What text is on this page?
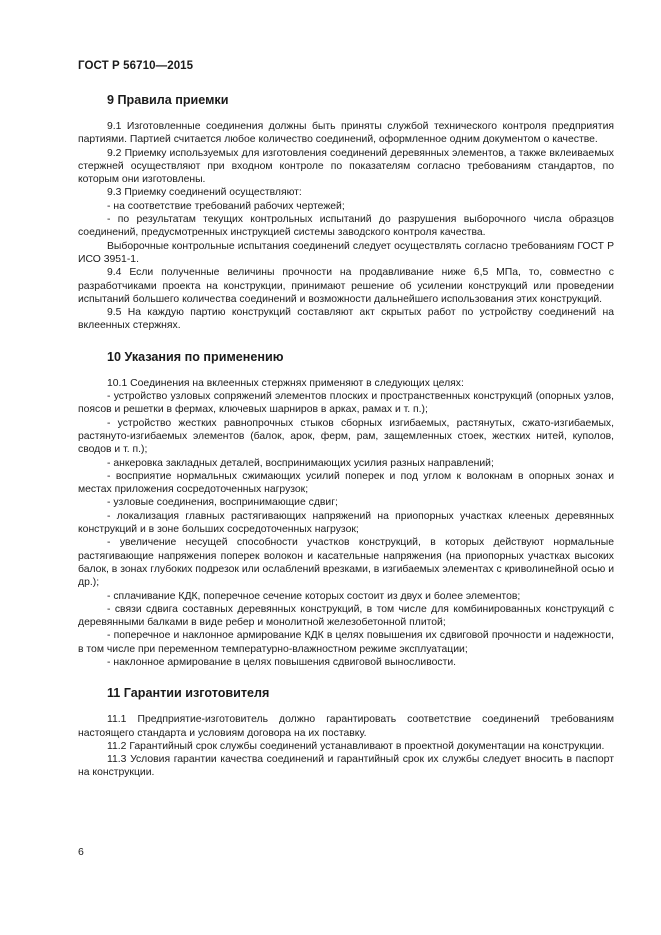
ГОСТ Р 56710—2015
9 Правила приемки

9.1 Изготовленные соединения должны быть приняты службой технического контроля предприятия партиями. Партией считается любое количество соединений, оформленное одним документом о качестве.

9.2 Приемку используемых для изготовления соединений деревянных элементов, а также вклеиваемых стержней осуществляют при входном контроле по показателям согласно требованиям стандартов, по которым они изготовлены.

9.3 Приемку соединений осуществляют:

- на соответствие требований рабочих чертежей;

- по результатам текущих контрольных испытаний до разрушения выборочного числа образцов соединений, предусмотренных инструкцией системы заводского контроля качества.

Выборочные контрольные испытания соединений следует осуществлять согласно требованиям ГОСТ Р ИСО 3951-1.

9.4 Если полученные величины прочности на продавливание ниже 6,5 МПа, то, совместно с разработчиками проекта на конструкции, принимают решение об усилении конструкций или проведении испытаний большего количества соединений и возможности дальнейшего использования этих конструкций.

9.5 На каждую партию конструкций составляют акт скрытых работ по устройству соединений на вклеенных стержнях.

10 Указания по применению

10.1 Соединения на вклеенных стержнях применяют в следующих целях:

- устройство узловых сопряжений элементов плоских и пространственных конструкций (опорных узлов, поясов и решетки в фермах, ключевых шарниров в арках, рамах и т. п.);

- устройство жестких равнопрочных стыков сборных изгибаемых, растянутых, сжато-изгибаемых, растянуто-изгибаемых элементов (балок, арок, ферм, рам, защемленных стоек, жестких нитей, куполов, сводов и т. п.);

- анкеровка закладных деталей, воспринимающих усилия разных направлений;

- восприятие нормальных сжимающих усилий поперек и под углом к волокнам в опорных зонах и местах приложения сосредоточенных нагрузок;

- узловые соединения, воспринимающие сдвиг;

- локализация главных растягивающих напряжений на приопорных участках клееных деревянных конструкций и в зоне больших сосредоточенных нагрузок;

- увеличение несущей способности участков конструкций, в которых действуют нормальные растягивающие напряжения поперек волокон и касательные напряжения (на приопорных участках высоких балок, в зонах глубоких подрезок или ослаблений врезками, в изгибаемых элементах с криволинейной осью и др.);

- сплачивание КДК, поперечное сечение которых состоит из двух и более элементов;

- связи сдвига составных деревянных конструкций, в том числе для комбинированных конструкций с деревянными балками в виде ребер и монолитной железобетонной плитой;

- поперечное и наклонное армирование КДК в целях повышения их сдвиговой прочности и надежности, в том числе при переменном температурно-влажностном режиме эксплуатации;

- наклонное армирование в целях повышения сдвиговой выносливости.

11 Гарантии изготовителя

11.1 Предприятие-изготовитель должно гарантировать соответствие соединений требованиям настоящего стандарта и условиям договора на их поставку.

11.2 Гарантийный срок службы соединений устанавливают в проектной документации на конструкции.

11.3 Условия гарантии качества соединений и гарантийный срок их службы следует вносить в паспорт на конструкции.

6
